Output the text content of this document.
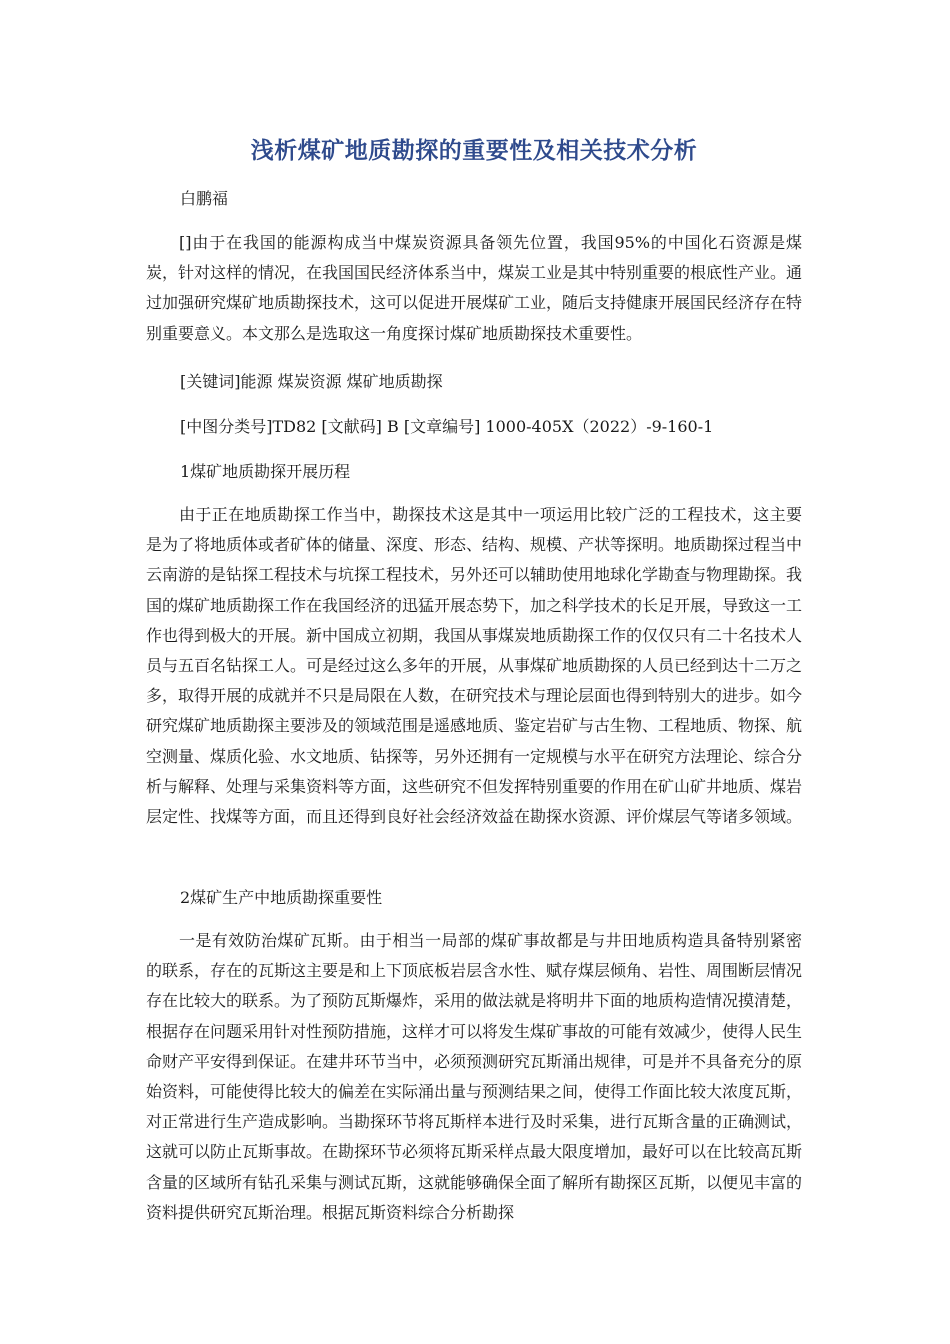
浅析煤矿地质勘探的重要性及相关技术分析

白鹏福

[]由于在我国的能源构成当中煤炭资源具备领先位置，我国95%的中国化石资源是煤炭，针对这样的情况，在我国国民经济体系当中，煤炭工业是其中特别重要的根底性产业。通过加强研究煤矿地质勘探技术，这可以促进开展煤矿工业，随后支持健康开展国民经济存在特别重要意义。本文那么是选取这一角度探讨煤矿地质勘探技术重要性。

[关键词]能源 煤炭资源 煤矿地质勘探

[中图分类号]TD82 [文献码] B [文章编号] 1000-405X（2022）-9-160-1

1煤矿地质勘探开展历程

由于正在地质勘探工作当中，勘探技术这是其中一项运用比较广泛的工程技术，这主要是为了将地质体或者矿体的储量、深度、形态、结构、规模、产状等探明。地质勘探过程当中云南游的是钻探工程技术与坑探工程技术，另外还可以辅助使用地球化学勘查与物理勘探。我国的煤矿地质勘探工作在我国经济的迅猛开展态势下，加之科学技术的长足开展，导致这一工作也得到极大的开展。新中国成立初期，我国从事煤炭地质勘探工作的仅仅只有二十名技术人员与五百名钻探工人。可是经过这么多年的开展，从事煤矿地质勘探的人员已经到达十二万之多，取得开展的成就并不只是局限在人数，在研究技术与理论层面也得到特别大的进步。如今研究煤矿地质勘探主要涉及的领域范围是遥感地质、鉴定岩矿与古生物、工程地质、物探、航空测量、煤质化验、水文地质、钻探等，另外还拥有一定规模与水平在研究方法理论、综合分析与解释、处理与采集资料等方面，这些研究不但发挥特别重要的作用在矿山矿井地质、煤岩层定性、找煤等方面，而且还得到良好社会经济效益在勘探水资源、评价煤层气等诸多领域。

2煤矿生产中地质勘探重要性

一是有效防治煤矿瓦斯。由于相当一局部的煤矿事故都是与井田地质构造具备特别紧密的联系，存在的瓦斯这主要是和上下顶底板岩层含水性、赋存煤层倾角、岩性、周围断层情况存在比较大的联系。为了预防瓦斯爆炸，采用的做法就是将明井下面的地质构造情况摸清楚，根据存在问题采用针对性预防措施，这样才可以将发生煤矿事故的可能有效减少，使得人民生命财产平安得到保证。在建井环节当中，必须预测研究瓦斯涌出规律，可是并不具备充分的原始资料，可能使得比较大的偏差在实际涌出量与预测结果之间，使得工作面比较大浓度瓦斯，对正常进行生产造成影响。当勘探环节将瓦斯样本进行及时采集，进行瓦斯含量的正确测试，这就可以防止瓦斯事故。在勘探环节必须将瓦斯采样点最大限度增加，最好可以在比较高瓦斯含量的区域所有钻孔采集与测试瓦斯，这就能够确保全面了解所有勘探区瓦斯，以便见丰富的资料提供研究瓦斯治理。根据瓦斯资料综合分析勘探
